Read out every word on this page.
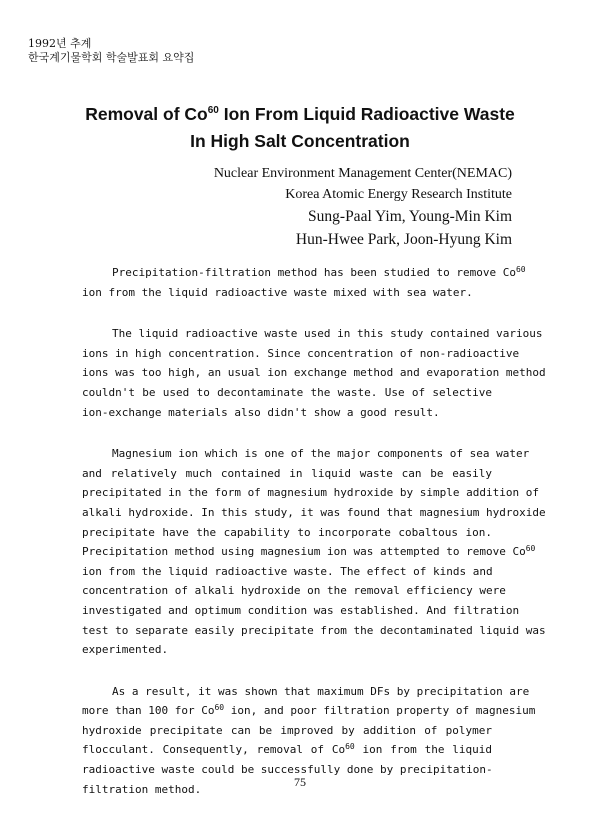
1992년 추계
한국계기물학회 학술발표회 요약집
Removal of Co$^{60}$ Ion From Liquid Radioactive Waste
In High Salt Concentration
Nuclear Environment Management Center(NEMAC)
Korea Atomic Energy Research Institute
Sung-Paal Yim, Young-Min Kim
Hun-Hwee Park, Joon-Hyung Kim
Precipitation-filtration method has been studied to remove Co$^{60}$
ion from the liquid radioactive waste mixed with sea water.
The liquid radioactive waste used in this study contained various
ions in high concentration. Since concentration of non-radioactive
ions was too high, an usual ion exchange method and evaporation method
couldn't be used to decontaminate the waste. Use of selective
ion-exchange materials also didn't show a good result.
Magnesium ion which is one of the major components of sea water
and relatively much contained in liquid waste can be easily
precipitated in the form of magnesium hydroxide by simple addition of
alkali hydroxide. In this study, it was found that magnesium hydroxide
precipitate have the capability to incorporate cobaltous ion.
Precipitation method using magnesium ion was attempted to remove Co$^{60}$
ion from the liquid radioactive waste. The effect of kinds and
concentration of alkali hydroxide on the removal efficiency were
investigated and optimum condition was established. And filtration
test to separate easily precipitate from the decontaminated liquid was
experimented.
As a result, it was shown that maximum DFs by precipitation are
more than 100 for Co$^{60}$ ion, and poor filtration property of magnesium
hydroxide precipitate can be improved by addition of polymer
flocculant. Consequently, removal of Co$^{60}$ ion from the liquid
radioactive waste could be successfully done by precipitation-
filtration method.
75
